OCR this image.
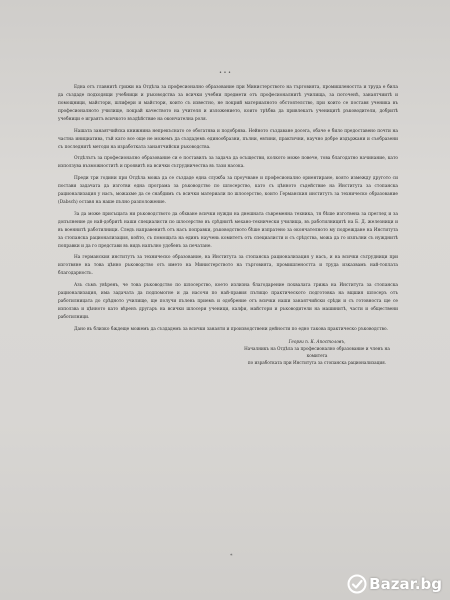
• • •

Една отъ главнитѣ грижи на Отдѣла за професионално образование при Министерството на търговията, промишлеността и труда е била да създаде подходящи учебници и ръководства за всички учебни предмети отъ професионалнитѣ училища, за поточенѣ, занаятчиитѣ и помощници, майстори, шлифери и майстори, които съ известно, не покрий материалното обстоятелство, при които се поставя ученика въ професионалното училище, покрай качеството на учителя и изложението, които трѣбва да привлекатъ ученицитѣ ръководители, добритѣ учебници е играятъ всичкото въздѣйствие на окончателна роля.

Нашата занаятчийска книжнина непрекъснато се обогатява и подобрява. Нейното създаване досега, обаче е било предоставено почти на частна инициатива, тъй като все още не можемъ да създадемъ единообразни, пълни, евтини, практични, научно добре издържани и съобразени съ последнитѣ методи на изработката занаятчийски ръководства.

Отдѣлътъ за професионално образование си е поставилъ за задача да осъществи, колкото може повече, това благодатно начинание, като използува възможноститѣ и проявитѣ на всички сътрудничества въ тази насока.

Преди три години при Отдѣла можа да се създаде една служба за проучване и професионално ориентиране, която измежду другото си постави задачата да изготви една програма за ръководство по шлосерство, като съ цѣнното съдействие на Института за стопанска рационализация у насъ, можахме да се снабдимъ съ всички материали по шлосерство, които Германския институтъ за техническо образование (Dabsch) оставя на наше пълно разположение.

За да може присъщата ни ръководството да обхване всички нужди на днешната съвременна техника, тя бѣше изготвена за преглед и за допълнение до най-добритѣ наши специалисти по шлосерство въ срѣднитѣ механо-технически училища, въ работилницитѣ на Б. Д. железници и въ военнитѣ работилници. Следъ направенитѣ отъ насъ поправки, ръководството бѣше изпратено за окончателното му подреждане на Института за стопанска рационализация, който, съ помощьта на единъ научень комитетъ отъ специалисти и съ срѣдства, можа да го изпълни съ нужднитѣ поправки и да го представи въ видъ напълно удобенъ за печатане.

На германския институтъ за техническо образование, на Института за стопанска рационализация у насъ, и на всички сътрудници при изготвяне на това цѣнно ръководство отъ името на Министерството на търговията, промишлеността и труда изказвамъ най-топлата благодарность.

Азъ съмъ увѣренъ, че това ръководство по шлосерство, което излизна благодарение похвалата грижа на Института за стопанска рационализация, има задачата да подпомогне и да насочи по най-правия пътищо практическото подготовка на вщшия шлосеръ отъ работилницата до срѣдното училище, ще получи пълень приемъ и одобрение отъ всички наши занаятчийски срѣди и съ готовноста ще се използва и цѣнното като вѣренъ другаръ на всички шлосери ученици, калфи, майстори и ръководители на машинитѣ, части и обществени работилници.

Дано въ близко бѫдеще можемъ да създадемъ за всички занаяти и производствени дейности по едно такова практическо ръководство.

Георги п. К. Апостоловъ,
Началникъ на Отдѣла за професионално образование и членъ на комитета
по изработката при Института за стопанска рационализация.
*
Bazar.bg
